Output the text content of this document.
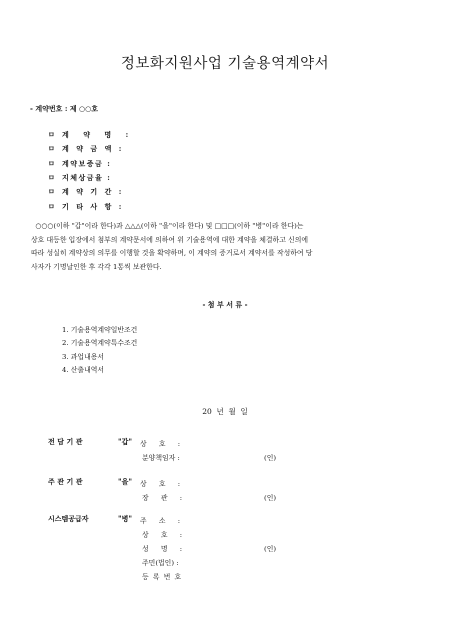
정보화지원사업 기술용역계약서
- 계약번호 : 제 ○○호
ㅁ 계 약 명 :
ㅁ 계 약 금 액 :
ㅁ 계약보증금 :
ㅁ 지체상금율 :
ㅁ 계 약 기 간 :
ㅁ 기 타 사 항 :
○○○(이하 "갑"이라 한다)과 △△△(이하 "을"이라 한다) 및 □□□(이하 "병"이라 한다)는
상호 대등한 입장에서 첨부의 계약문서에 의하여 위 기술용역에 대한 계약을 체결하고 신의에
따라 성실히 계약상의 의무를 이행할 것을 확약하며, 이 계약의 증거로서 계약서를 작성하여 당
사자가 기명날인한 후 각각 1통씩 보관한다.
- 첨 부 서 류 -
1. 기술용역계약일반조건
2. 기술용역계약특수조건
3. 과업내용서
4. 산출내역서
20  년  월  일
전담기관	"갑" 상 호 :
분양책임자 :	(인)
주관기관	"을" 상 호 :
장 관 :	(인)
시스템공급자	"병" 주 소 :
상 호 :
성 명 :	(인)
주민(법인) :
등 록 번 호
